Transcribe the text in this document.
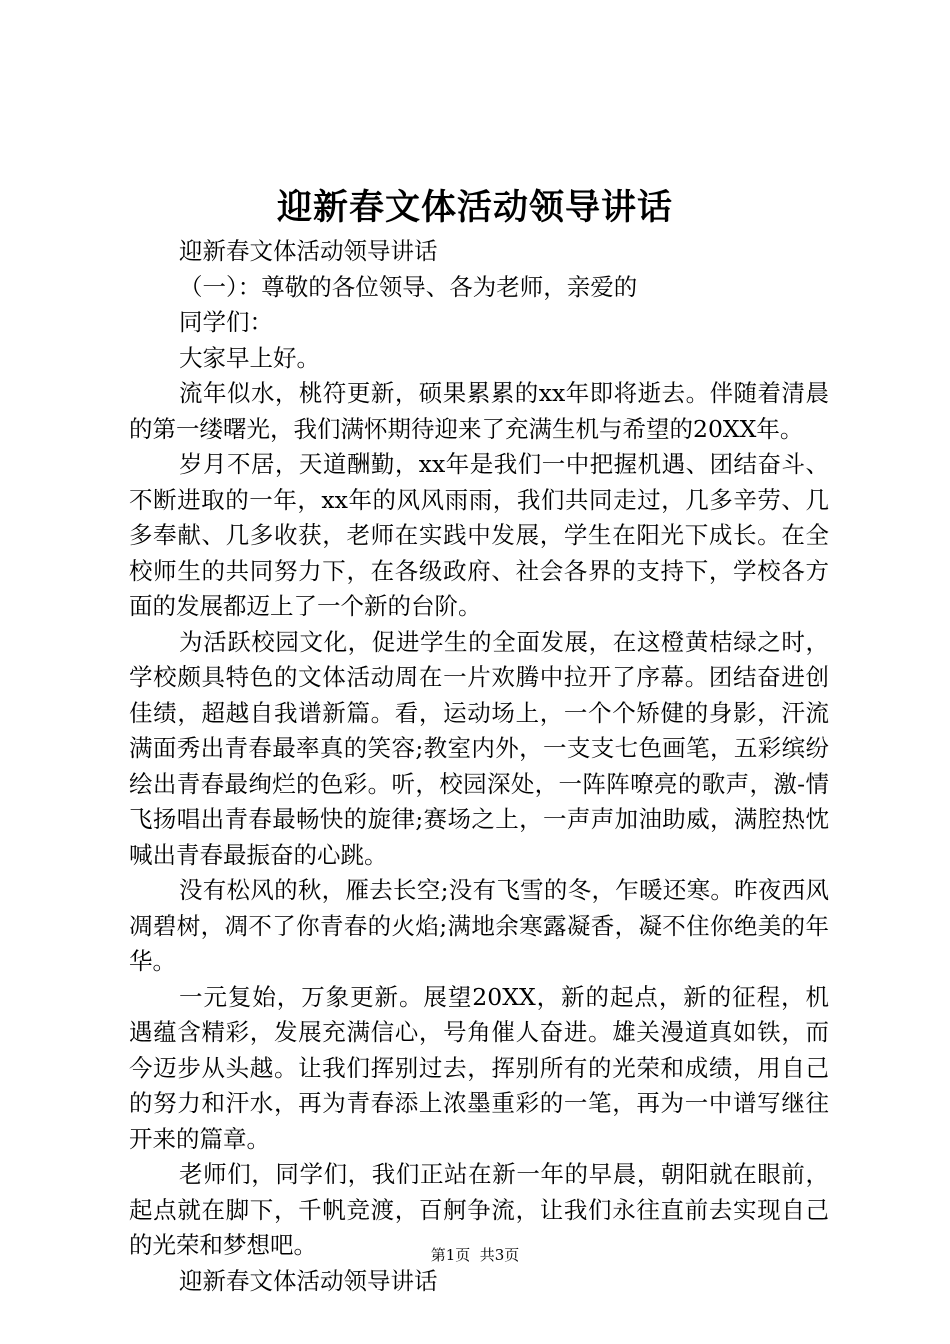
迎新春文体活动领导讲话

迎新春文体活动领导讲话

（一）：尊敬的各位领导、各为老师，亲爱的

同学们：

大家早上好。

流年似水，桃符更新，硕果累累的xx年即将逝去。伴随着清晨的第一缕曙光，我们满怀期待迎来了充满生机与希望的20XX年。

岁月不居，天道酬勤，xx年是我们一中把握机遇、团结奋斗、不断进取的一年，xx年的风风雨雨，我们共同走过，几多辛劳、几多奉献、几多收获，老师在实践中发展，学生在阳光下成长。在全校师生的共同努力下，在各级政府、社会各界的支持下，学校各方面的发展都迈上了一个新的台阶。

为活跃校园文化，促进学生的全面发展，在这橙黄桔绿之时，学校颇具特色的文体活动周在一片欢腾中拉开了序幕。团结奋进创佳绩，超越自我谱新篇。看，运动场上，一个个矫健的身影，汗流满面秀出青春最率真的笑容;教室内外，一支支七色画笔，五彩缤纷绘出青春最绚烂的色彩。听，校园深处，一阵阵嘹亮的歌声，激-情飞扬唱出青春最畅快的旋律;赛场之上，一声声加油助威，满腔热忱喊出青春最振奋的心跳。

没有松风的秋，雁去长空;没有飞雪的冬，乍暖还寒。昨夜西风凋碧树，凋不了你青春的火焰;满地余寒露凝香，凝不住你绝美的年华。

一元复始，万象更新。展望20XX，新的起点，新的征程，机遇蕴含精彩，发展充满信心，号角催人奋进。雄关漫道真如铁，而今迈步从头越。让我们挥别过去，挥别所有的光荣和成绩，用自己的努力和汗水，再为青春添上浓墨重彩的一笔，再为一中谱写继往开来的篇章。

老师们，同学们，我们正站在新一年的早晨，朝阳就在眼前，起点就在脚下，千帆竞渡，百舸争流，让我们永往直前去实现自己的光荣和梦想吧。

迎新春文体活动领导讲话

第1页  共3页
